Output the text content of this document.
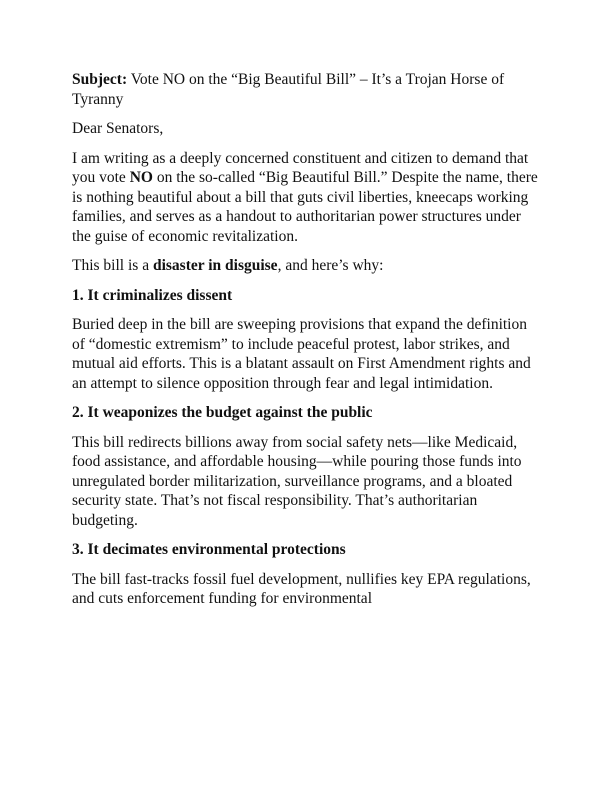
Subject: Vote NO on the “Big Beautiful Bill” – It’s a Trojan Horse of Tyranny

Dear Senators,

I am writing as a deeply concerned constituent and citizen to demand that you vote NO on the so-called “Big Beautiful Bill.” Despite the name, there is nothing beautiful about a bill that guts civil liberties, kneecaps working families, and serves as a handout to authoritarian power structures under the guise of economic revitalization.

This bill is a disaster in disguise, and here’s why:

1. It criminalizes dissent

Buried deep in the bill are sweeping provisions that expand the definition of “domestic extremism” to include peaceful protest, labor strikes, and mutual aid efforts. This is a blatant assault on First Amendment rights and an attempt to silence opposition through fear and legal intimidation.

2. It weaponizes the budget against the public

This bill redirects billions away from social safety nets—like Medicaid, food assistance, and affordable housing—while pouring those funds into unregulated border militarization, surveillance programs, and a bloated security state. That’s not fiscal responsibility. That’s authoritarian budgeting.

3. It decimates environmental protections

The bill fast-tracks fossil fuel development, nullifies key EPA regulations, and cuts enforcement funding for environmental
